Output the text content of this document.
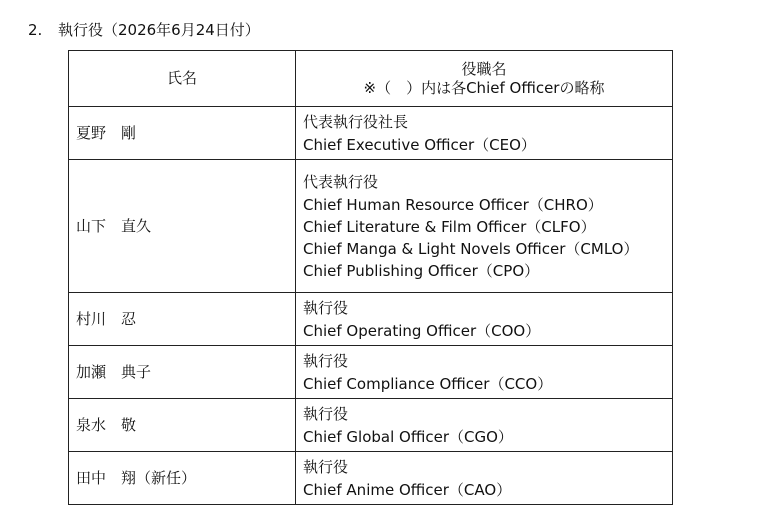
2. 執行役（2026年6月24日付）
氏名	役職名
※（　）内は各Chief Officerの略称

夏野　剛	代表執行役社長
Chief Executive Officer（CEO）

山下　直久	代表執行役
Chief Human Resource Officer（CHRO）
Chief Literature & Film Officer（CLFO）
Chief Manga & Light Novels Officer（CMLO）
Chief Publishing Officer（CPO）

村川　忍	執行役
Chief Operating Officer（COO）

加瀬　典子	執行役
Chief Compliance Officer（CCO）

泉水　敬	執行役
Chief Global Officer（CGO）

田中　翔（新任）	執行役
Chief Anime Officer（CAO）
